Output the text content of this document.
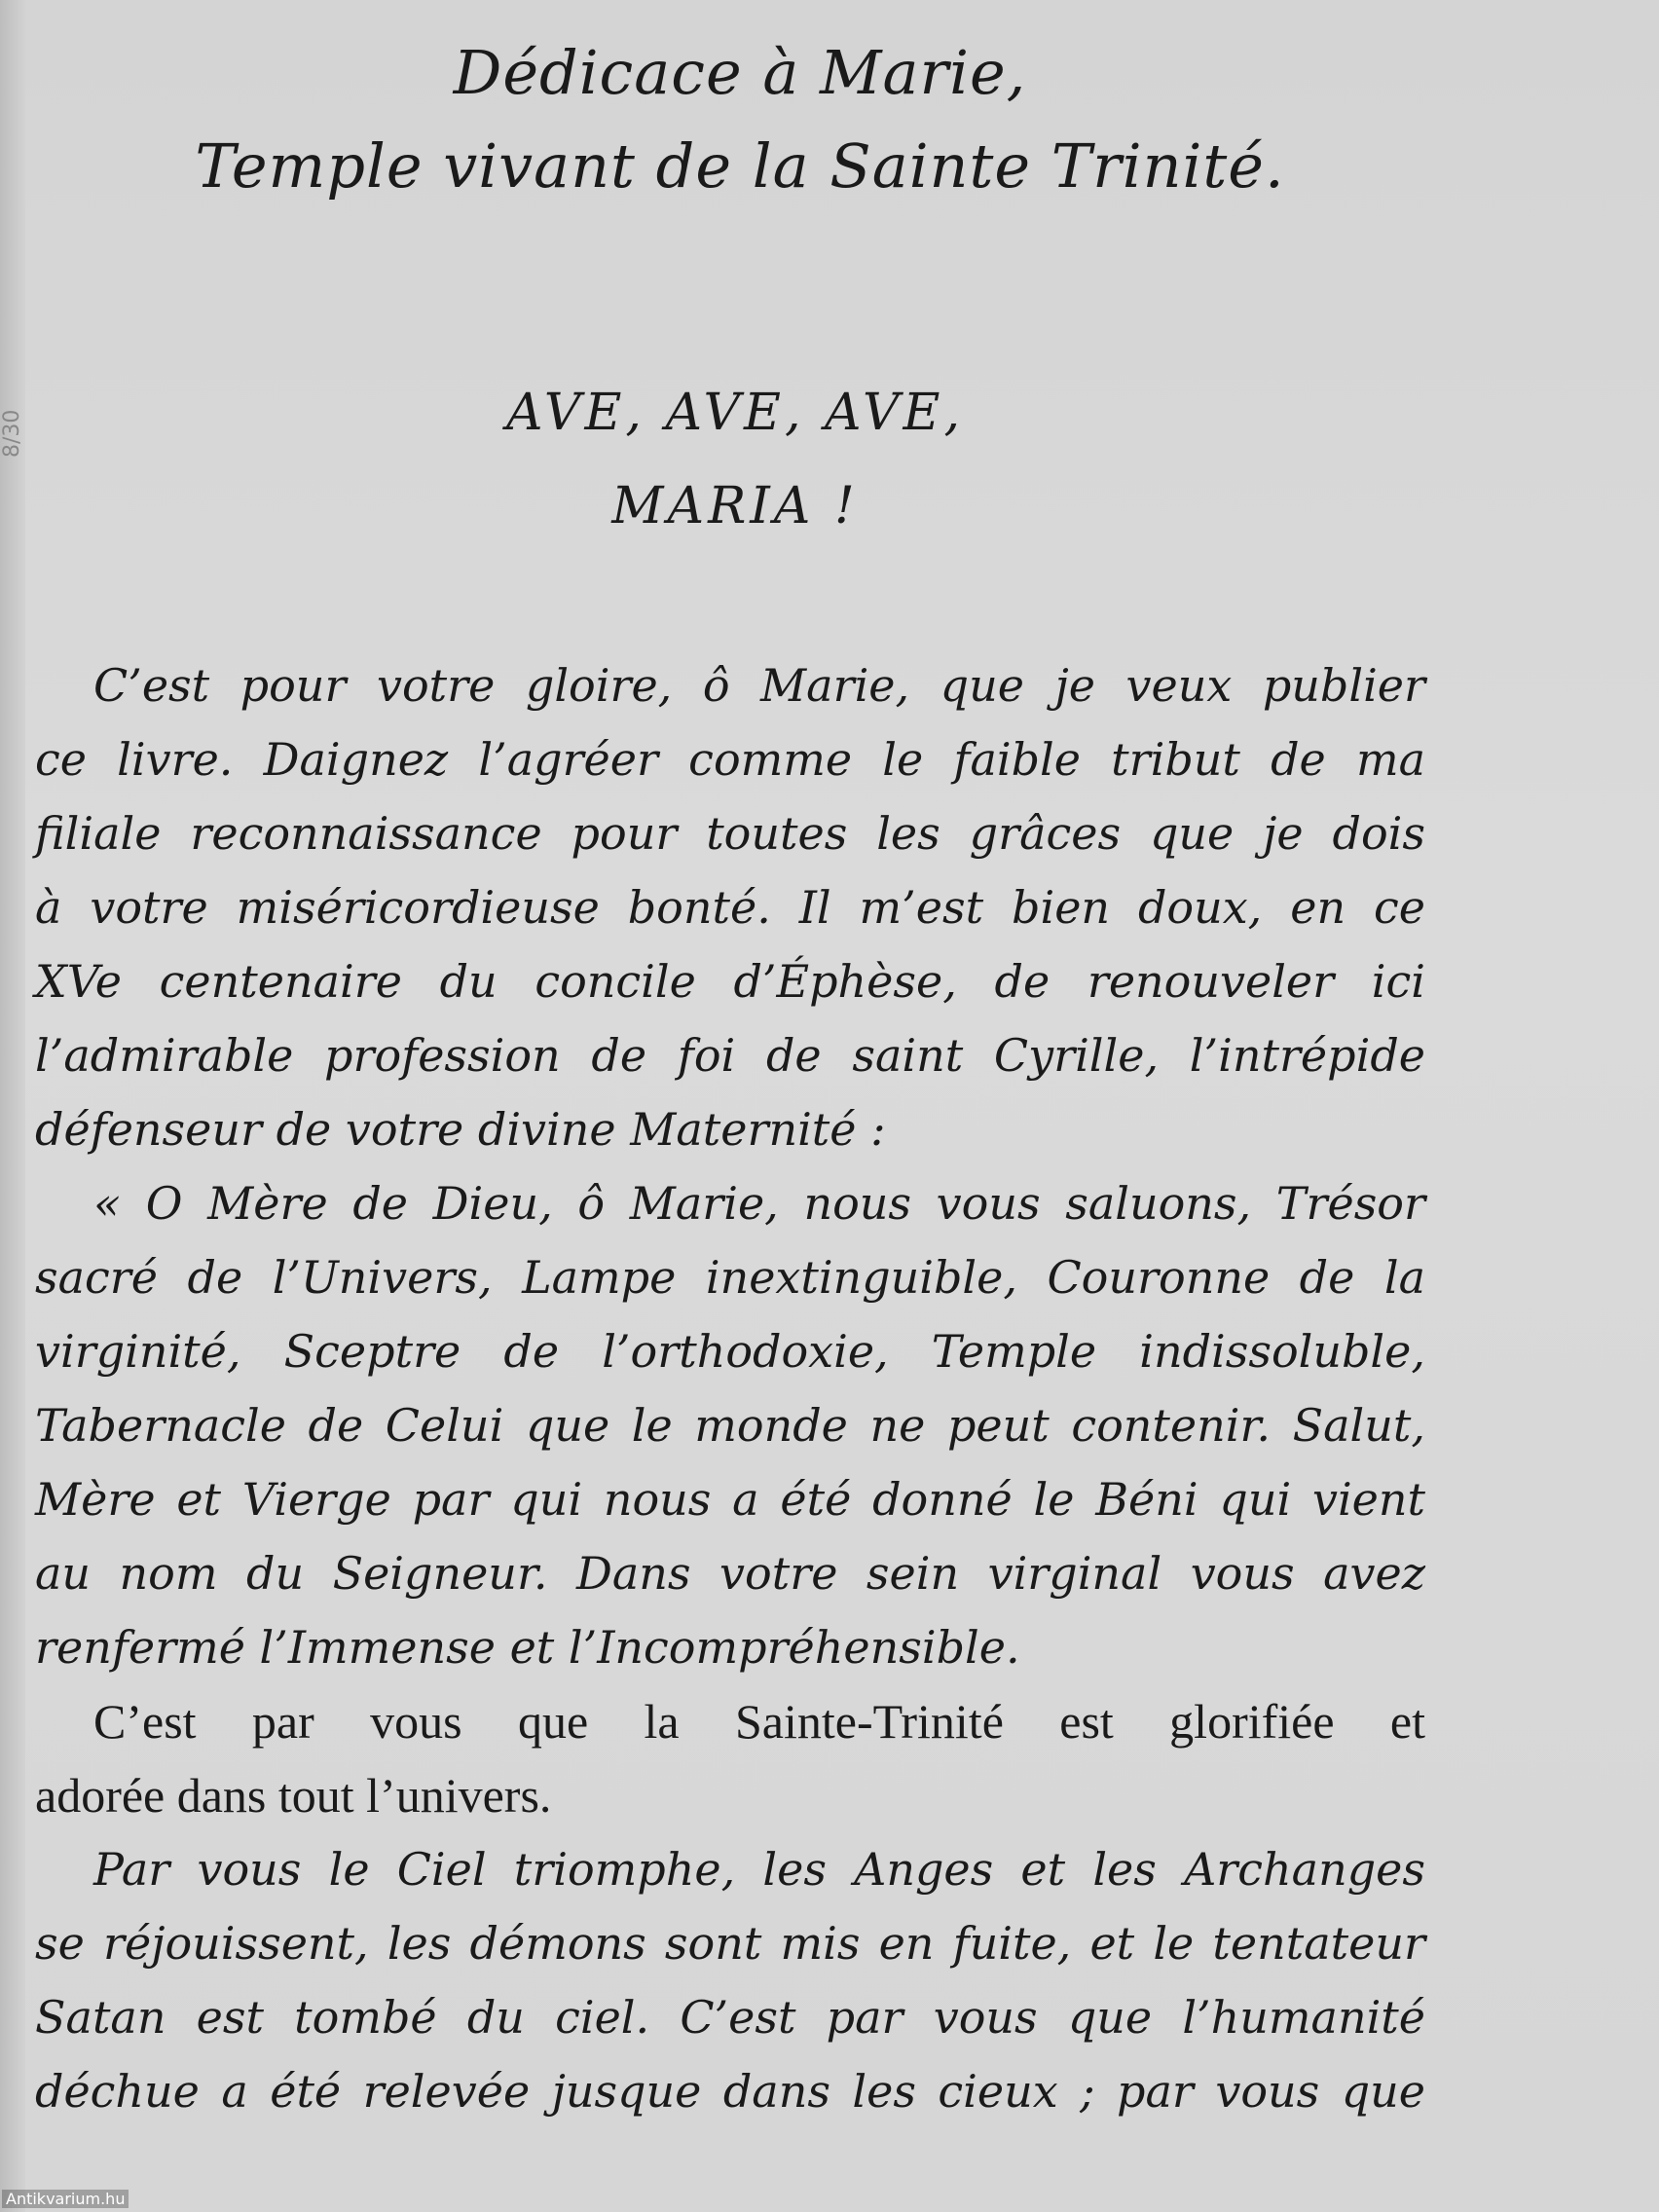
8/30
Dédicace à Marie,
Temple vivant de la Sainte Trinité.
AVE, AVE, AVE,
MARIA !
C’est pour votre gloire, ô Marie, que je veux publier
ce livre. Daignez l’agréer comme le faible tribut de ma
filiale reconnaissance pour toutes les grâces que je dois
à votre miséricordieuse bonté. Il m’est bien doux, en ce
XVe centenaire du concile d’Éphèse, de renouveler ici
l’admirable profession de foi de saint Cyrille, l’intrépide
défenseur de votre divine Maternité :
« O Mère de Dieu, ô Marie, nous vous saluons, Trésor
sacré de l’Univers, Lampe inextinguible, Couronne de la
virginité, Sceptre de l’orthodoxie, Temple indissoluble,
Tabernacle de Celui que le monde ne peut contenir. Salut,
Mère et Vierge par qui nous a été donné le Béni qui vient
au nom du Seigneur. Dans votre sein virginal vous avez
renfermé l’Immense et l’Incompréhensible.
C’est par vous que la Sainte-Trinité est glorifiée et
adorée dans tout l’univers.
Par vous le Ciel triomphe, les Anges et les Archanges
se réjouissent, les démons sont mis en fuite, et le tentateur
Satan est tombé du ciel. C’est par vous que l’humanité
déchue a été relevée jusque dans les cieux ; par vous que
Antikvarium.hu
